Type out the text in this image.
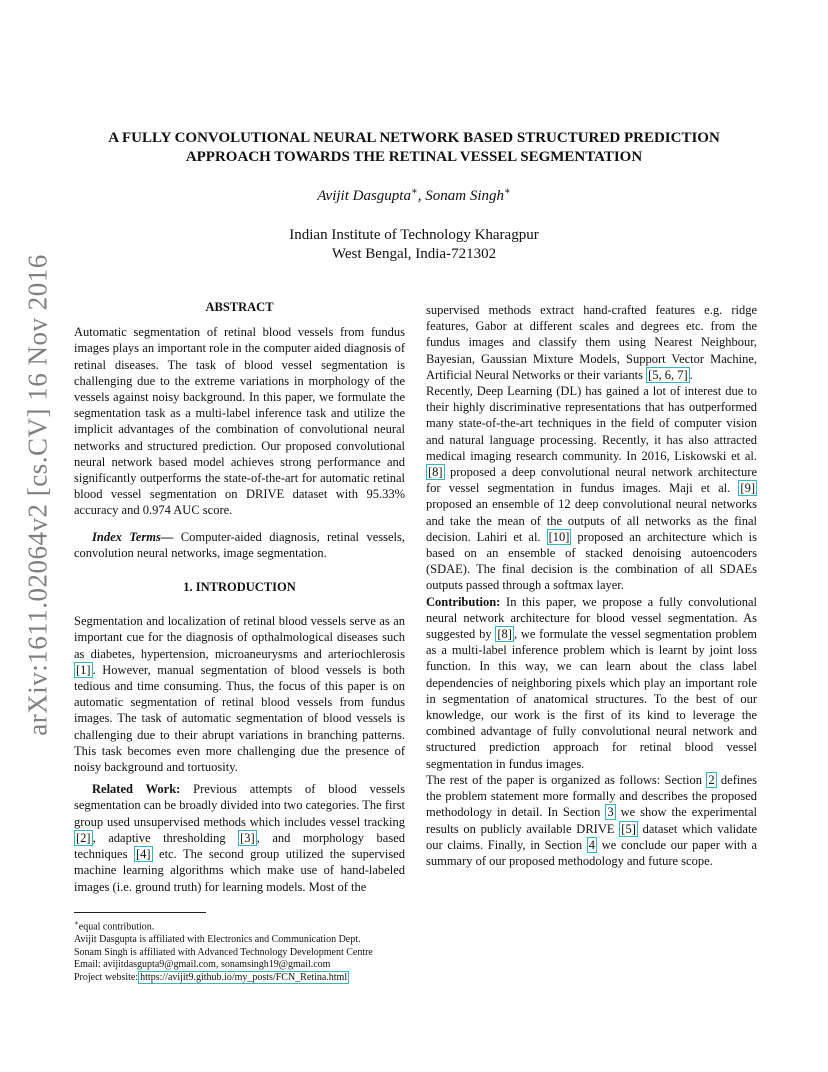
arXiv:1611.02064v2 [cs.CV] 16 Nov 2016
A FULLY CONVOLUTIONAL NEURAL NETWORK BASED STRUCTURED PREDICTION APPROACH TOWARDS THE RETINAL VESSEL SEGMENTATION
Avijit Dasgupta∗, Sonam Singh∗
Indian Institute of Technology Kharagpur
West Bengal, India-721302
ABSTRACT

Automatic segmentation of retinal blood vessels from fundus images plays an important role in the computer aided diagnosis of retinal diseases. The task of blood vessel segmentation is challenging due to the extreme variations in morphology of the vessels against noisy background. In this paper, we formulate the segmentation task as a multi-label inference task and utilize the implicit advantages of the combination of convolutional neural networks and structured prediction. Our proposed convolutional neural network based model achieves strong performance and significantly outperforms the state-of-the-art for automatic retinal blood vessel segmentation on DRIVE dataset with 95.33% accuracy and 0.974 AUC score.

Index Terms— Computer-aided diagnosis, retinal vessels, convolution neural networks, image segmentation.

1. INTRODUCTION

Segmentation and localization of retinal blood vessels serve as an important cue for the diagnosis of opthalmological diseases such as diabetes, hypertension, microaneurysms and arteriochlerosis [1] . However, manual segmentation of blood vessels is both tedious and time consuming. Thus, the focus of this paper is on automatic segmentation of retinal blood vessels from fundus images. The task of automatic segmentation of blood vessels is challenging due to their abrupt variations in branching patterns. This task becomes even more challenging due the presence of noisy background and tortuosity.

Related Work: Previous attempts of blood vessels segmentation can be broadly divided into two categories. The first group used unsupervised methods which includes vessel tracking [2] , adaptive thresholding [3] , and morphology based techniques [4] etc. The second group utilized the supervised machine learning algorithms which make use of hand-labeled images (i.e. ground truth) for learning models. Most of the

supervised methods extract hand-crafted features e.g. ridge features, Gabor at different scales and degrees etc. from the fundus images and classify them using Nearest Neighbour, Bayesian, Gaussian Mixture Models, Support Vector Machine, Artificial Neural Networks or their variants [5, 6, 7] .

Recently, Deep Learning (DL) has gained a lot of interest due to their highly discriminative representations that has outperformed many state-of-the-art techniques in the field of computer vision and natural language processing. Recently, it has also attracted medical imaging research community. In 2016, Liskowski et al. [8] proposed a deep convolutional neural network architecture for vessel segmentation in fundus images. Maji et al. [9] proposed an ensemble of 12 deep convolutional neural networks and take the mean of the outputs of all networks as the final decision. Lahiri et al. [10] proposed an architecture which is based on an ensemble of stacked denoising autoencoders (SDAE). The final decision is the combination of all SDAEs outputs passed through a softmax layer.

Contribution: In this paper, we propose a fully convolutional neural network architecture for blood vessel segmentation. As suggested by [8] , we formulate the vessel segmentation problem as a multi-label inference problem which is learnt by joint loss function. In this way, we can learn about the class label dependencies of neighboring pixels which play an important role in segmentation of anatomical structures. To the best of our knowledge, our work is the first of its kind to leverage the combined advantage of fully convolutional neural network and structured prediction approach for retinal blood vessel segmentation in fundus images.

The rest of the paper is organized as follows: Section 2 defines the problem statement more formally and describes the proposed methodology in detail. In Section 3 we show the experimental results on publicly available DRIVE [5] dataset which validate our claims. Finally, in Section 4 we conclude our paper with a summary of our proposed methodology and future scope.

∗equal contribution.
Avijit Dasgupta is affiliated with Electronics and Communication Dept.
Sonam Singh is affiliated with Advanced Technology Development Centre
Email: avijitdasgupta9@gmail.com, sonamsingh19@gmail.com
Project website: https://avijit9.github.io/my_posts/FCN_Retina.html
